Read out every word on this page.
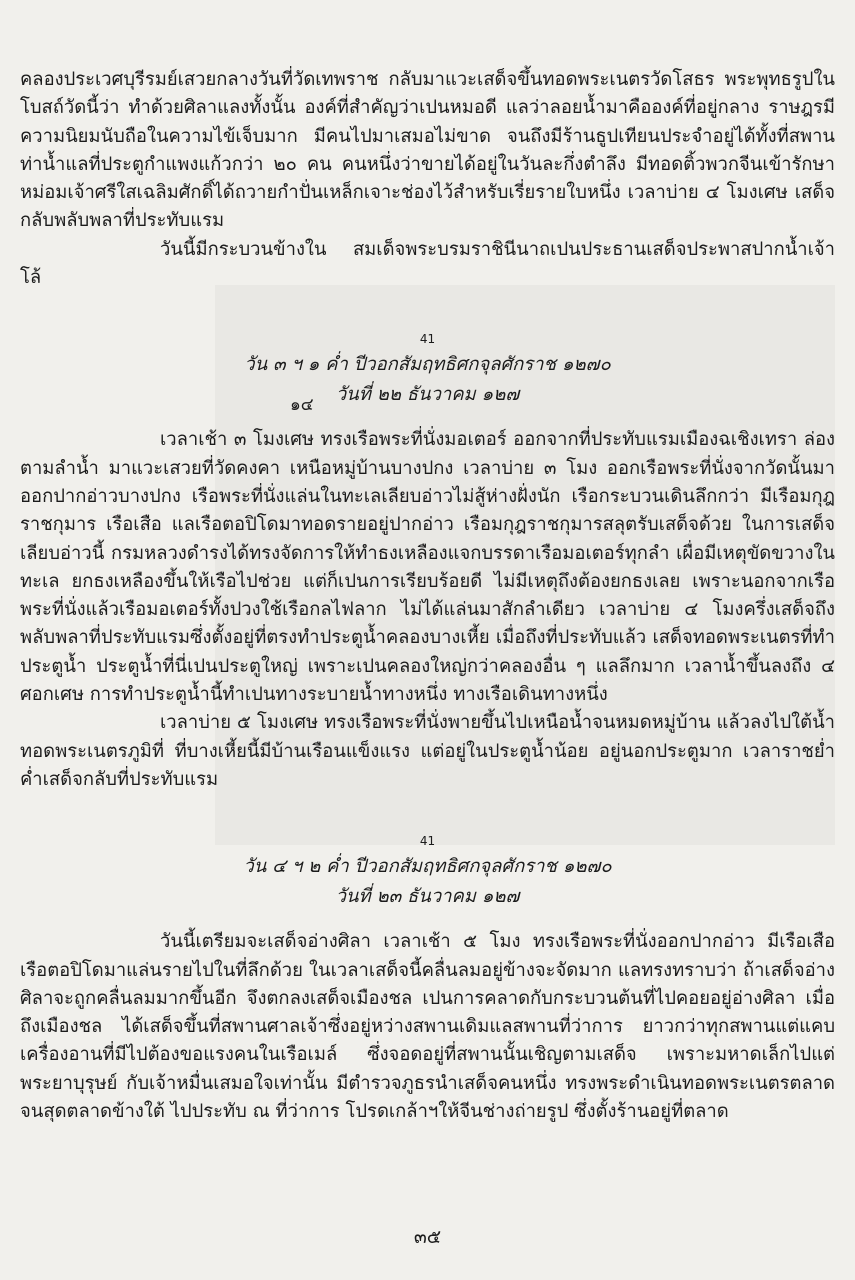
คลองประเวศบุรีรมย์เสวยกลางวันที่วัดเทพราช กลับมาแวะเสด็จขึ้นทอดพระเนตรวัดโสธร พระพุทธรูปในโบสถ์วัดนี้ว่า ทำด้วยศิลาแลงทั้งนั้น องค์ที่สำคัญว่าเปนหมอดี แลว่าลอยน้ำมาคือองค์ที่อยู่กลาง ราษฎรมีความนิยมนับถือในความไข้เจ็บมาก มีคนไปมาเสมอไม่ขาด จนถึงมีร้านธูปเทียนประจำอยู่ได้ทั้งที่สพานท่าน้ำแลที่ประตูกำแพงแก้วกว่า ๒๐ คน คนหนึ่งว่าขายได้อยู่ในวันละกึ่งตำลึง มีทอดติ้วพวกจีนเข้ารักษา หม่อมเจ้าศรีใสเฉลิมศักดิ์ได้ถวายกำปั่นเหล็กเจาะช่องไว้สำหรับเรี่ยรายใบหนึ่ง เวลาบ่าย ๔ โมงเศษ เสด็จกลับพลับพลาที่ประทับแรม

วันนี้มีกระบวนข้างใน สมเด็จพระบรมราชินีนาถเปนประธานเสด็จประพาสปากน้ำเจ้าโล้

41

วัน ๓ ฯ ๑ ค่ำ ปีวอกสัมฤทธิศกจุลศักราช ๑๒๗๐

๑๔ วันที่ ๒๒ ธันวาคม ๑๒๗

เวลาเช้า ๓ โมงเศษ ทรงเรือพระที่นั่งมอเตอร์ ออกจากที่ประทับแรมเมืองฉเชิงเทรา ล่องตามลำน้ำ มาแวะเสวยที่วัดคงคา เหนือหมู่บ้านบางปกง เวลาบ่าย ๓ โมง ออกเรือพระที่นั่งจากวัดนั้นมาออกปากอ่าวบางปกง เรือพระที่นั่งแล่นในทะเลเลียบอ่าวไม่สู้ห่างฝั่งนัก เรือกระบวนเดินลึกกว่า มีเรือมกุฎราชกุมาร เรือเสือ แลเรือตอปิโดมาทอดรายอยู่ปากอ่าว เรือมกุฎราชกุมารสลุตรับเสด็จด้วย ในการเสด็จเลียบอ่าวนี้ กรมหลวงดำรงได้ทรงจัดการให้ทำธงเหลืองแจกบรรดาเรือมอเตอร์ทุกลำ เผื่อมีเหตุขัดขวางในทะเล ยกธงเหลืองขึ้นให้เรือไปช่วย แต่ก็เปนการเรียบร้อยดี ไม่มีเหตุถึงต้องยกธงเลย เพราะนอกจากเรือพระที่นั่งแล้วเรือมอเตอร์ทั้งปวงใช้เรือกลไฟลาก ไม่ได้แล่นมาสักลำเดียว เวลาบ่าย ๔ โมงครึ่งเสด็จถึงพลับพลาที่ประทับแรมซึ่งตั้งอยู่ที่ตรงทำประตูน้ำคลองบางเหี้ย เมื่อถึงที่ประทับแล้ว เสด็จทอดพระเนตรที่ทำประตูน้ำ ประตูน้ำที่นี่เปนประตูใหญ่ เพราะเปนคลองใหญ่กว่าคลองอื่น ๆ แลลึกมาก เวลาน้ำขึ้นลงถึง ๔ ศอกเศษ การทำประตูน้ำนี้ทำเปนทางระบายน้ำทางหนึ่ง ทางเรือเดินทางหนึ่ง

เวลาบ่าย ๕ โมงเศษ ทรงเรือพระที่นั่งพายขึ้นไปเหนือน้ำจนหมดหมู่บ้าน แล้วลงไปใต้น้ำทอดพระเนตรภูมิที่ ที่บางเหี้ยนี้มีบ้านเรือนแข็งแรง แต่อยู่ในประตูน้ำน้อย อยู่นอกประตูมาก เวลาราชย่ำค่ำเสด็จกลับที่ประทับแรม

41

วัน ๔ ฯ ๒ ค่ำ ปีวอกสัมฤทธิศกจุลศักราช ๑๒๗๐

วันที่ ๒๓ ธันวาคม ๑๒๗

วันนี้เตรียมจะเสด็จอ่างศิลา เวลาเช้า ๕ โมง ทรงเรือพระที่นั่งออกปากอ่าว มีเรือเสือ เรือตอปิโดมาแล่นรายไปในที่ลึกด้วย ในเวลาเสด็จนี้คลื่นลมอยู่ข้างจะจัดมาก แลทรงทราบว่า ถ้าเสด็จอ่างศิลาจะถูกคลื่นลมมากขึ้นอีก จึงตกลงเสด็จเมืองชล เปนการคลาดกับกระบวนต้นที่ไปคอยอยู่อ่างศิลา เมื่อถึงเมืองชล ได้เสด็จขึ้นที่สพานศาลเจ้าซึ่งอยู่หว่างสพานเดิมแลสพานที่ว่าการ ยาวกว่าทุกสพานแต่แคบ เครื่องอานที่มีไปต้องขอแรงคนในเรือเมล์ ซึ่งจอดอยู่ที่สพานนั้นเชิญตามเสด็จ เพราะมหาดเล็กไปแต่พระยาบุรุษย์ กับเจ้าหมื่นเสมอใจเท่านั้น มีตำรวจภูธรนำเสด็จคนหนึ่ง ทรงพระดำเนินทอดพระเนตรตลาดจนสุดตลาดข้างใต้ ไปประทับ ณ ที่ว่าการ โปรดเกล้าฯให้จีนช่างถ่ายรูป ซึ่งตั้งร้านอยู่ที่ตลาด

๓๕
